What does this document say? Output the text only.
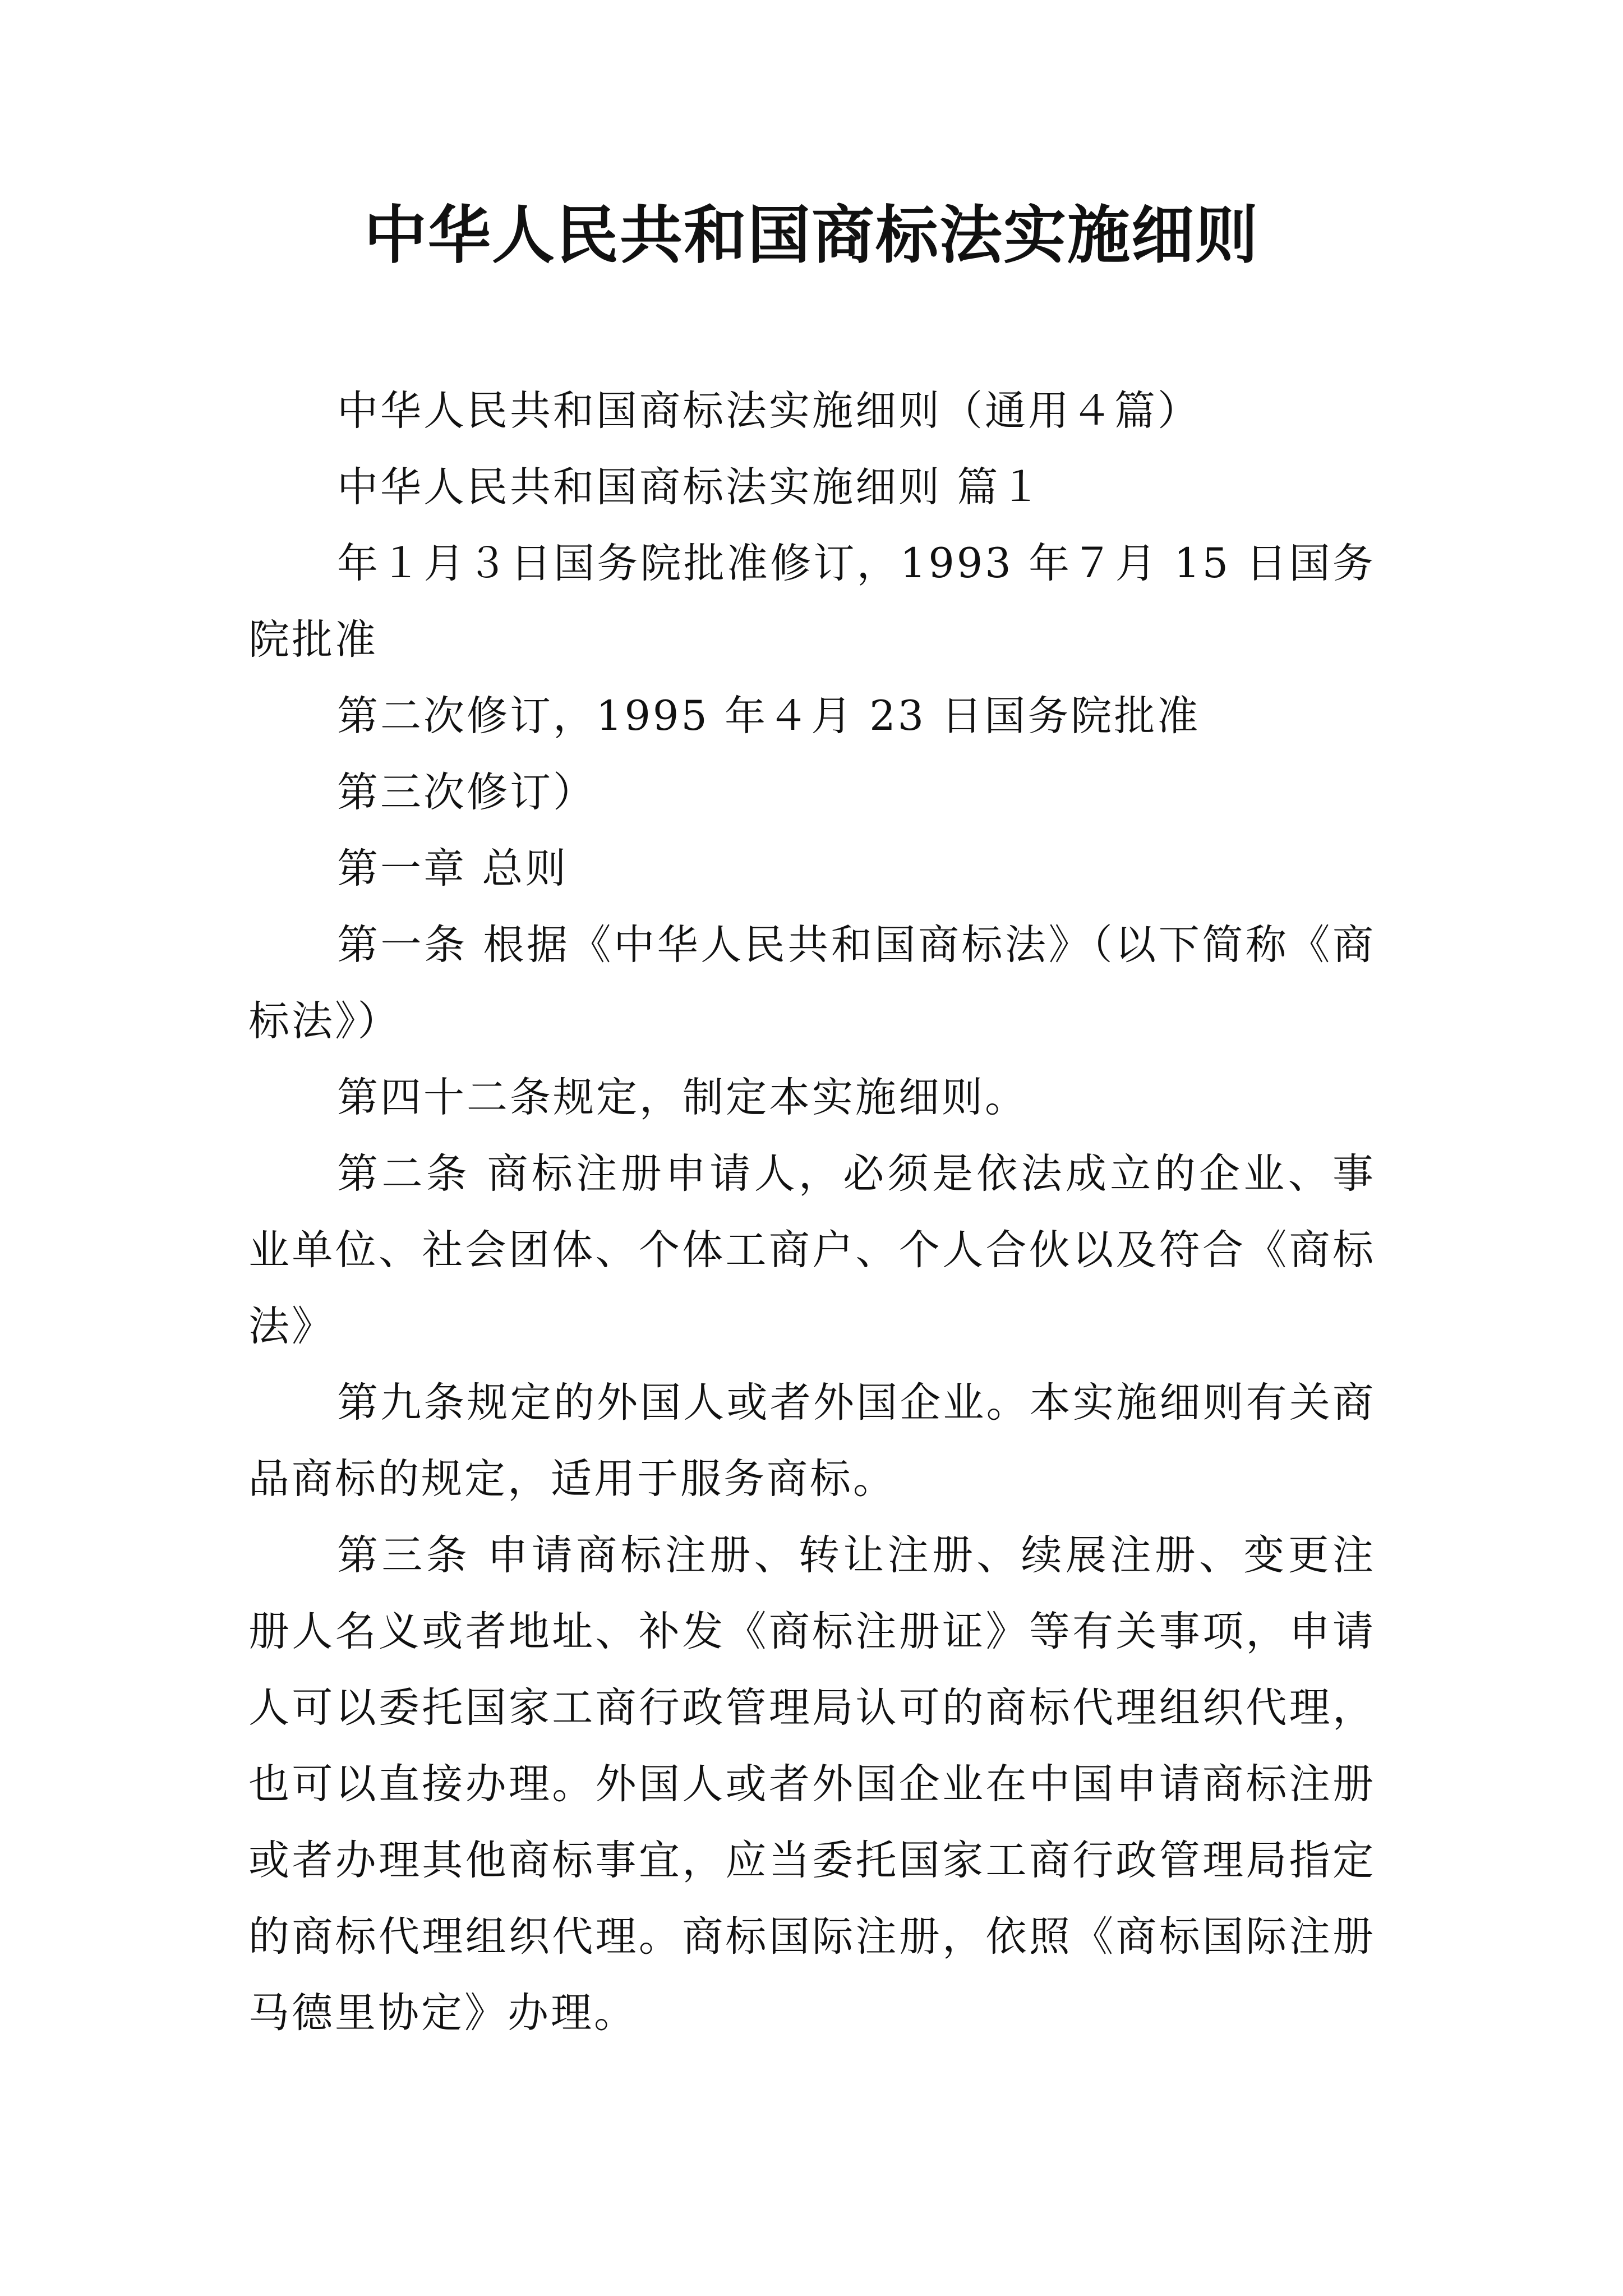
中华人民共和国商标法实施细则

中华人民共和国商标法实施细则（通用４篇）

中华人民共和国商标法实施细则 篇１

年１月３日国务院批准修订，1993 年７月 15 日国务院批准

第二次修订，1995 年４月 23 日国务院批准

第三次修订）

第一章 总则

第一条 根据《中华人民共和国商标法》（以下简称《商标法》）

第四十二条规定，制定本实施细则。

第二条 商标注册申请人，必须是依法成立的企业、事业单位、社会团体、个体工商户、个人合伙以及符合《商标法》

第九条规定的外国人或者外国企业。本实施细则有关商品商标的规定，适用于服务商标。

第三条 申请商标注册、转让注册、续展注册、变更注册人名义或者地址、补发《商标注册证》等有关事项，申请人可以委托国家工商行政管理局认可的商标代理组织代理，也可以直接办理。外国人或者外国企业在中国申请商标注册或者办理其他商标事宜，应当委托国家工商行政管理局指定的商标代理组织代理。商标国际注册，依照《商标国际注册马德里协定》办理。
